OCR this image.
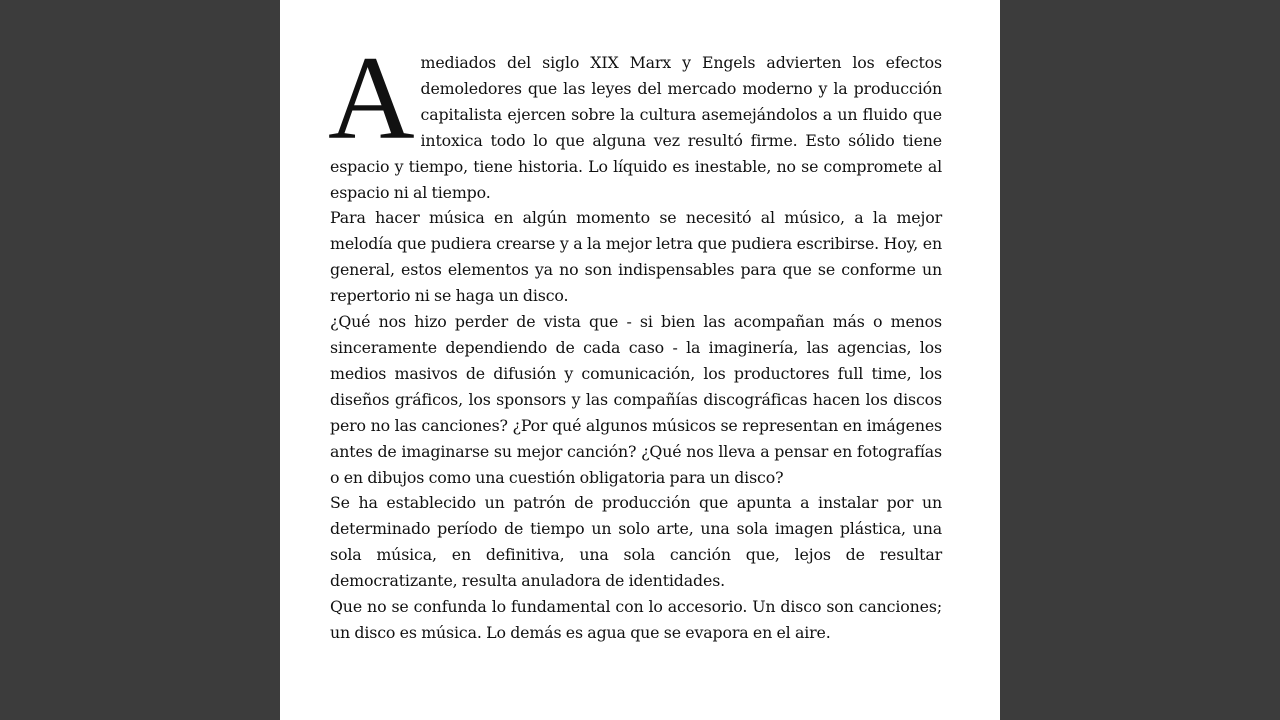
A mediados del siglo XIX Marx y Engels advierten los efectos demoledores que las leyes del mercado moderno y la producción capitalista ejercen sobre la cultura asemejándolos a un fluido que intoxica todo lo que alguna vez resultó firme. Esto sólido tiene espacio y tiempo, tiene historia. Lo líquido es inestable, no se compromete al espacio ni al tiempo.

Para hacer música en algún momento se necesitó al músico, a la mejor melodía que pudiera crearse y a la mejor letra que pudiera escribirse. Hoy, en general, estos elementos ya no son indispensables para que se conforme un repertorio ni se haga un disco.

¿Qué nos hizo perder de vista que - si bien las acompañan más o menos sinceramente dependiendo de cada caso - la imaginería, las agencias, los medios masivos de difusión y comunicación, los productores full time, los diseños gráficos, los sponsors y las compañías discográficas hacen los discos pero no las canciones? ¿Por qué algunos músicos se representan en imágenes antes de imaginarse su mejor canción? ¿Qué nos lleva a pensar en fotografías o en dibujos como una cuestión obligatoria para un disco?

Se ha establecido un patrón de producción que apunta a instalar por un determinado período de tiempo un solo arte, una sola imagen plástica, una sola música, en definitiva, una sola canción que, lejos de resultar democratizante, resulta anuladora de identidades.

Que no se confunda lo fundamental con lo accesorio. Un disco son canciones; un disco es música. Lo demás es agua que se evapora en el aire.
